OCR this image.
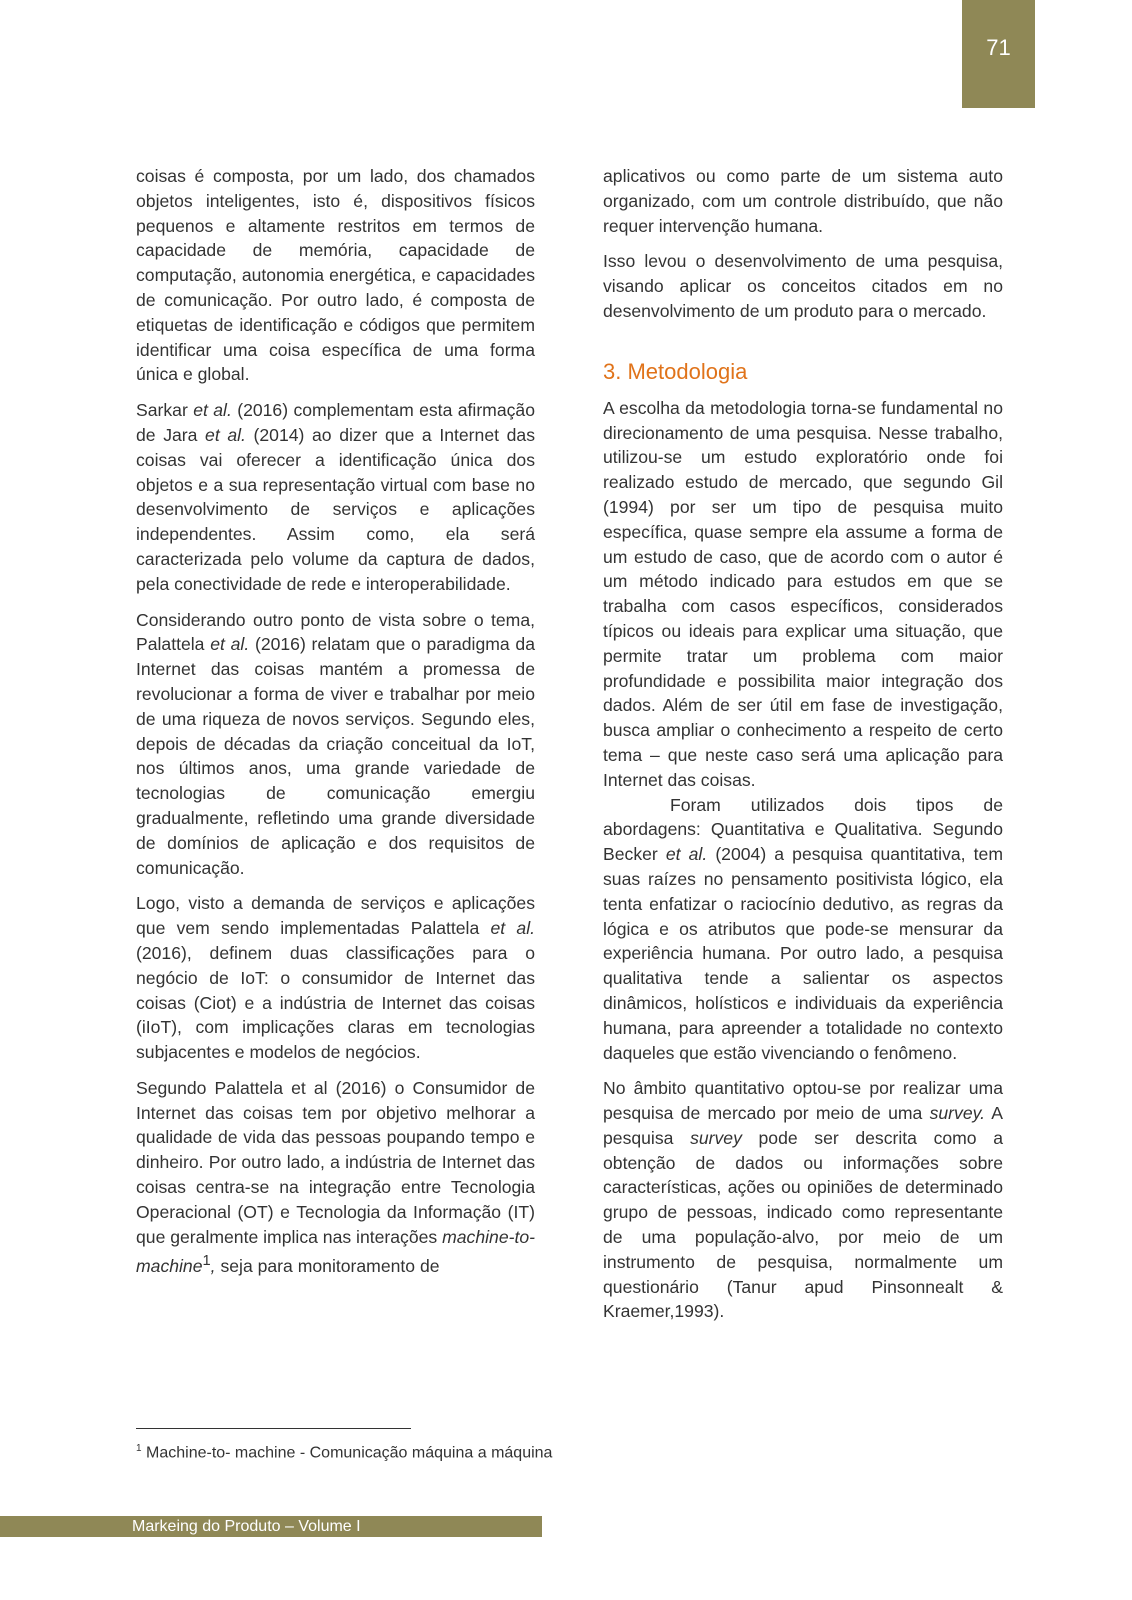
71

coisas é composta, por um lado, dos chamados objetos inteligentes, isto é, dispositivos físicos pequenos e altamente restritos em termos de capacidade de memória, capacidade de computação, autonomia energética, e capacidades de comunicação. Por outro lado, é composta de etiquetas de identificação e códigos que permitem identificar uma coisa específica de uma forma única e global.

Sarkar et al. (2016) complementam esta afirmação de Jara et al. (2014) ao dizer que a Internet das coisas vai oferecer a identificação única dos objetos e a sua representação virtual com base no desenvolvimento de serviços e aplicações independentes. Assim como, ela será caracterizada pelo volume da captura de dados, pela conectividade de rede e interoperabilidade.

Considerando outro ponto de vista sobre o tema, Palattela et al. (2016) relatam que o paradigma da Internet das coisas mantém a promessa de revolucionar a forma de viver e trabalhar por meio de uma riqueza de novos serviços. Segundo eles, depois de décadas da criação conceitual da IoT, nos últimos anos, uma grande variedade de tecnologias de comunicação emergiu gradualmente, refletindo uma grande diversidade de domínios de aplicação e dos requisitos de comunicação.

Logo, visto a demanda de serviços e aplicações que vem sendo implementadas Palattela et al. (2016), definem duas classificações para o negócio de IoT: o consumidor de Internet das coisas (Ciot) e a indústria de Internet das coisas (iIoT), com implicações claras em tecnologias subjacentes e modelos de negócios.

Segundo Palattela et al (2016) o Consumidor de Internet das coisas tem por objetivo melhorar a qualidade de vida das pessoas poupando tempo e dinheiro. Por outro lado, a indústria de Internet das coisas centra-se na integração entre Tecnologia Operacional (OT) e Tecnologia da Informação (IT) que geralmente implica nas interações machine-to-machine$^1$, seja para monitoramento de

aplicativos ou como parte de um sistema auto organizado, com um controle distribuído, que não requer intervenção humana.

Isso levou o desenvolvimento de uma pesquisa, visando aplicar os conceitos citados em no desenvolvimento de um produto para o mercado.

3. Metodologia

A escolha da metodologia torna-se fundamental no direcionamento de uma pesquisa. Nesse trabalho, utilizou-se um estudo exploratório onde foi realizado estudo de mercado, que segundo Gil (1994) por ser um tipo de pesquisa muito específica, quase sempre ela assume a forma de um estudo de caso, que de acordo com o autor é um método indicado para estudos em que se trabalha com casos específicos, considerados típicos ou ideais para explicar uma situação, que permite tratar um problema com maior profundidade e possibilita maior integração dos dados. Além de ser útil em fase de investigação, busca ampliar o conhecimento a respeito de certo tema – que neste caso será uma aplicação para Internet das coisas.

Foram utilizados dois tipos de abordagens: Quantitativa e Qualitativa. Segundo Becker et al. (2004) a pesquisa quantitativa, tem suas raízes no pensamento positivista lógico, ela tenta enfatizar o raciocínio dedutivo, as regras da lógica e os atributos que pode-se mensurar da experiência humana. Por outro lado, a pesquisa qualitativa tende a salientar os aspectos dinâmicos, holísticos e individuais da experiência humana, para apreender a totalidade no contexto daqueles que estão vivenciando o fenômeno.

No âmbito quantitativo optou-se por realizar uma pesquisa de mercado por meio de uma survey. A pesquisa survey pode ser descrita como a obtenção de dados ou informações sobre características, ações ou opiniões de determinado grupo de pessoas, indicado como representante de uma população-alvo, por meio de um instrumento de pesquisa, normalmente um questionário (Tanur apud Pinsonnealt & Kraemer,1993).

$^1$ Machine-to- machine - Comunicação máquina a máquina
Markeing do Produto – Volume I
